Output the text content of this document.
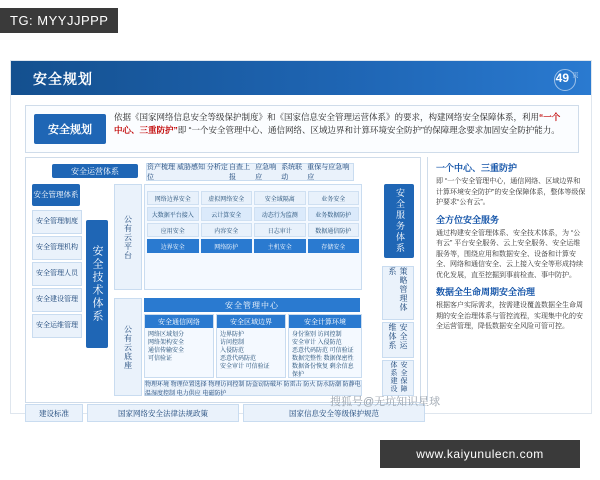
TG: MYYJJPPP
安全规划	49 页
安全规划
依据《国家网络信息安全等级保护制度》和《国家信息安全管理运营体系》的要求，构建网络安全保障体系，利用“一个中心、三重防护”即 “一个安全管理中心、通信网络、区域边界和计算环境安全防护”的保障理念要求加固安全防护能力。
安全运营体系	资产梳理 威胁感知 分析定位
自查上报
应急响应
系统联动
重保与应急响应
安全服务体系
策略管理体系
安全运维体系
安全保障体系建设
安全管理体系
安全管理制度
安全管理机构
安全管理人员
安全建设管理
安全运维管理
安全技术体系
公有云平台
公有云底座
网络边界安全	虚拟网络安全	安全域隔离	业务安全
大数据平台接入	云计算安全	动态行为监测	业务数据防护
应用安全	内容安全	日志审计	数据通信防护
边界安全	网络防护	主机安全	存储安全
安全管理中心
安全通信网络
网络区域划分
网络架构安全
通信传输安全
可信验证
安全区域边界
边界防护
访问控制
入侵防范
恶意代码防范
安全审计 可信验证
安全计算环境
身份鉴别 访问控制
安全审计 入侵防范
恶意代码防范 可信验证
数据完整性 数据保密性
数据备份恢复 剩余信息保护
物理环境 物理位置选择 物理访问控制 防盗窃防破坏 防雷击 防火 防水防潮 防静电 温湿度控制 电力供应 电磁防护
建设标准	国家网络安全法律法规政策	国家信息安全等级保护规范
一个中心、三重防护
即 “一个安全管理中心，通信网络、区域边界和计算环境安全防护”的安全保障体系，整体等级保护要求“公有云”。
全方位安全服务
通过构建安全管理体系、安全技术体系，为 “公有云” 平台安全服务、云上安全服务、安全运维服务等，围绕应用和数据安全、设备和计算安全、网络和通信安全、云上接入安全等形成持续优化发展，直至挖掘到事前检查、事中防护。
数据全生命周期安全治理
根据客户实际需求，按需建设覆盖数据全生命周期的安全治理体系与管控流程，实现集中化的安全运营管理，降低数据安全风险可管可控。
搜狐号@无坑知识星球
www.kaiyunulecn.com
